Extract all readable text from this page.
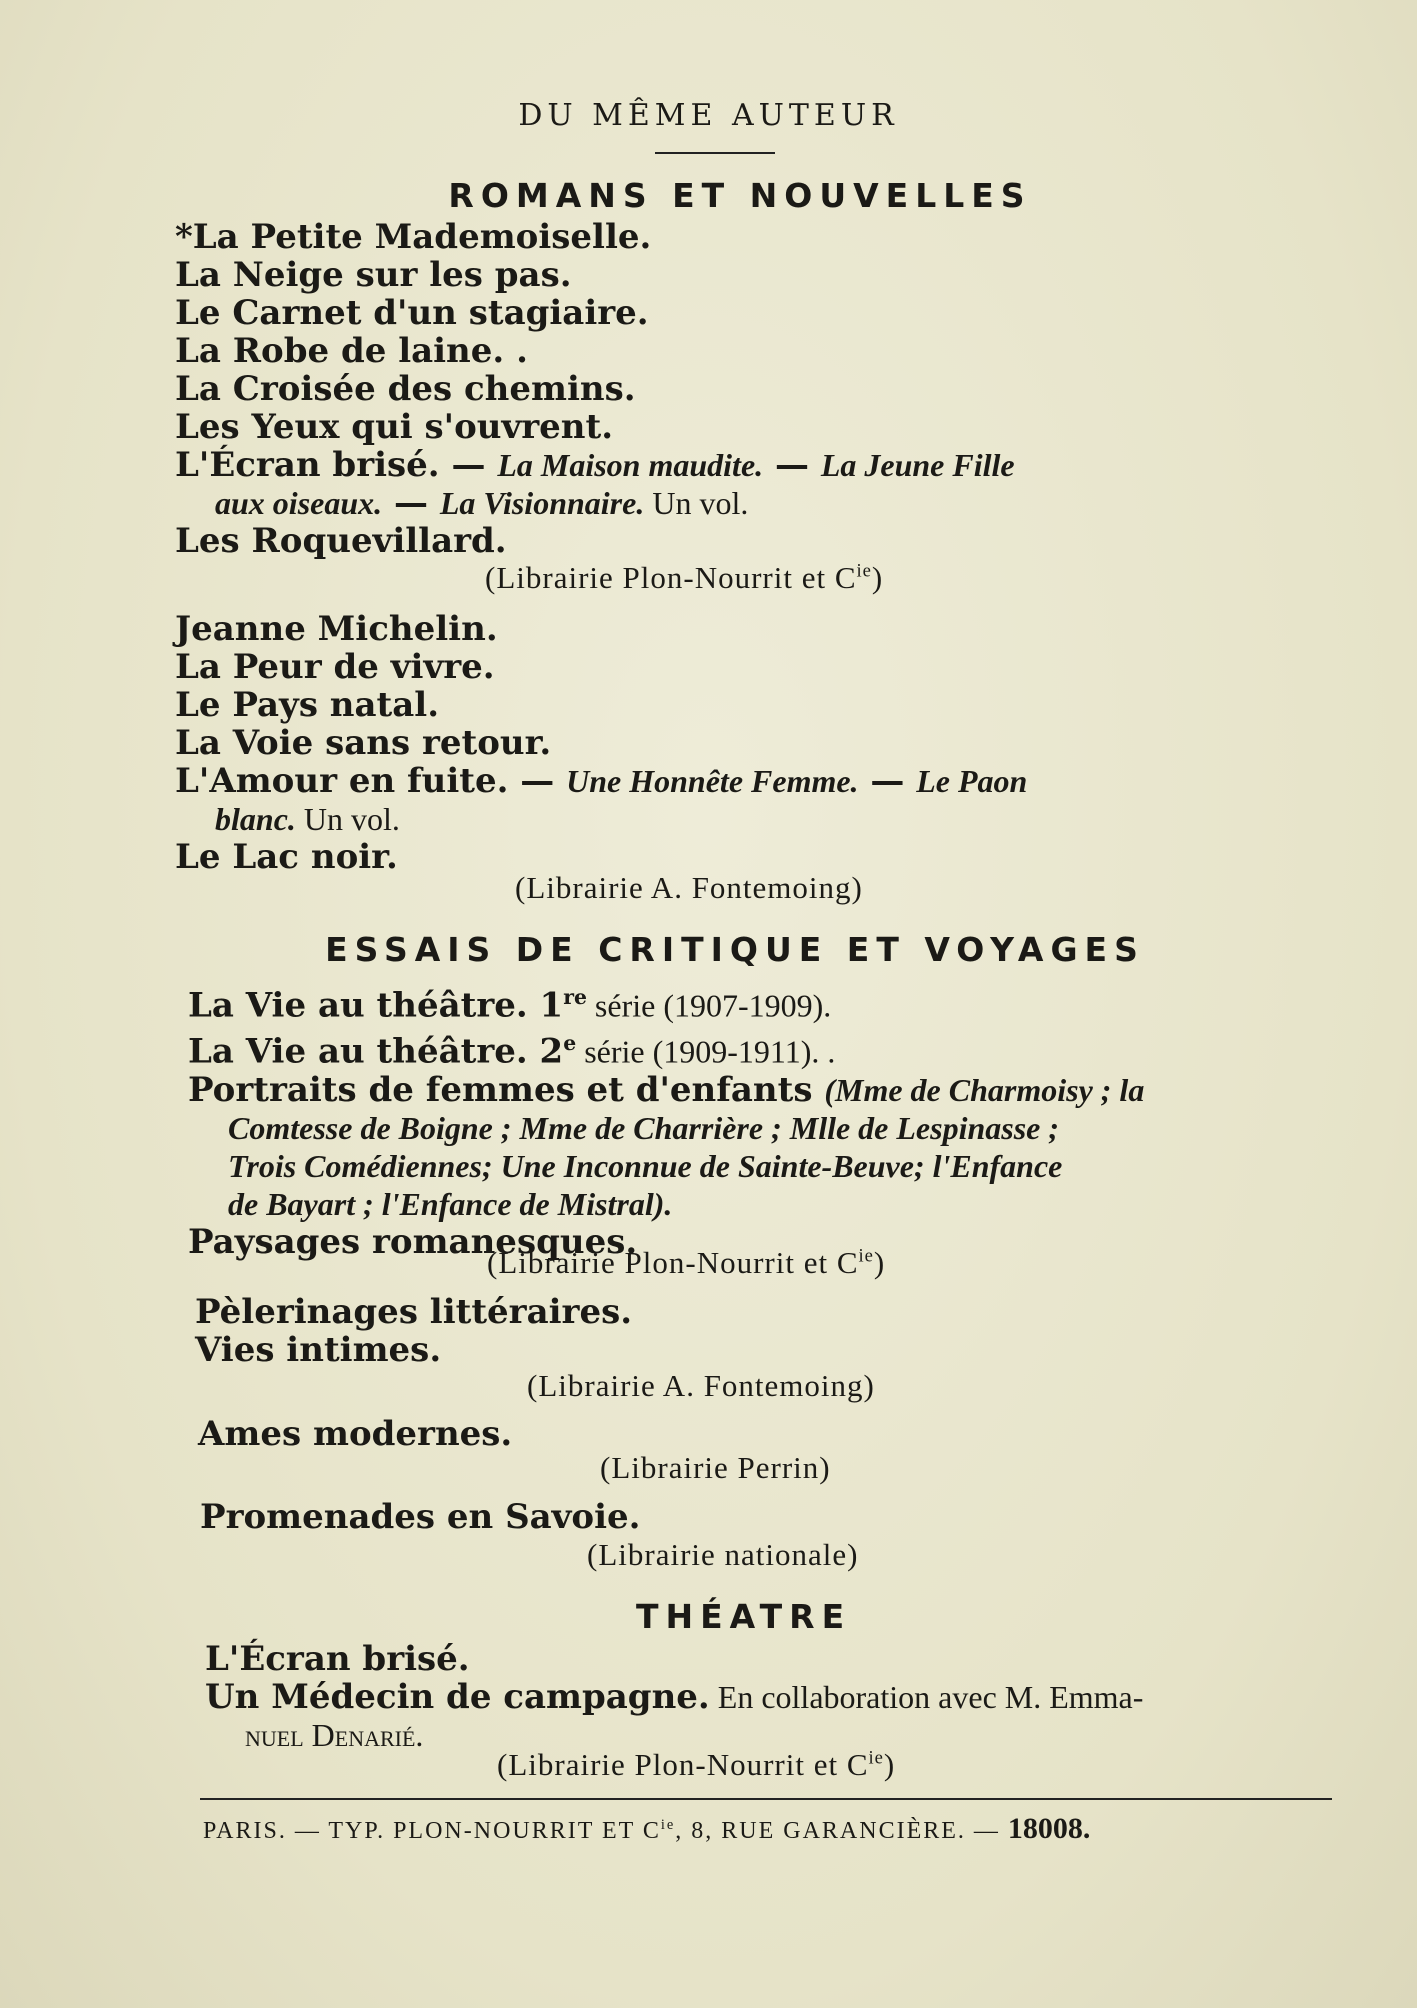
DU MÊME AUTEUR
ROMANS ET NOUVELLES
*La Petite Mademoiselle.
La Neige sur les pas.
Le Carnet d'un stagiaire.
La Robe de laine. .
La Croisée des chemins.
Les Yeux qui s'ouvrent.
L'Écran brisé. — La Maison maudite. — La Jeune Fille
aux oiseaux. — La Visionnaire. Un vol.
Les Roquevillard.
(Librairie Plon-Nourrit et $C^{ie}$)
Jeanne Michelin.
La Peur de vivre.
Le Pays natal.
La Voie sans retour.
L'Amour en fuite. — Une Honnête Femme. — Le Paon
blanc. Un vol.
Le Lac noir.
(Librairie A. Fontemoing)
ESSAIS DE CRITIQUE ET VOYAGES
La Vie au théâtre. 1re série (1907-1909).
La Vie au théâtre. 2e série (1909-1911). .
Portraits de femmes et d'enfants (Mme de Charmoisy ; la
Comtesse de Boigne ; Mme de Charrière ; Mlle de Lespinasse ;
Trois Comédiennes; Une Inconnue de Sainte-Beuve; l'Enfance
de Bayart ; l'Enfance de Mistral).
Paysages romanesques.
(Librairie Plon-Nourrit et $C^{ie}$)
Pèlerinages littéraires.
Vies intimes.
(Librairie A. Fontemoing)
Ames modernes.
(Librairie Perrin)
Promenades en Savoie.
(Librairie nationale)
THÉATRE
L'Écran brisé.
Un Médecin de campagne. En collaboration avec M. Emma-
nuel Denarié.
(Librairie Plon-Nourrit et $C^{ie}$)
PARIS. — TYP. PLON-NOURRIT ET $C^{ie}$, 8, RUE GARANCIÈRE. — 18008.
